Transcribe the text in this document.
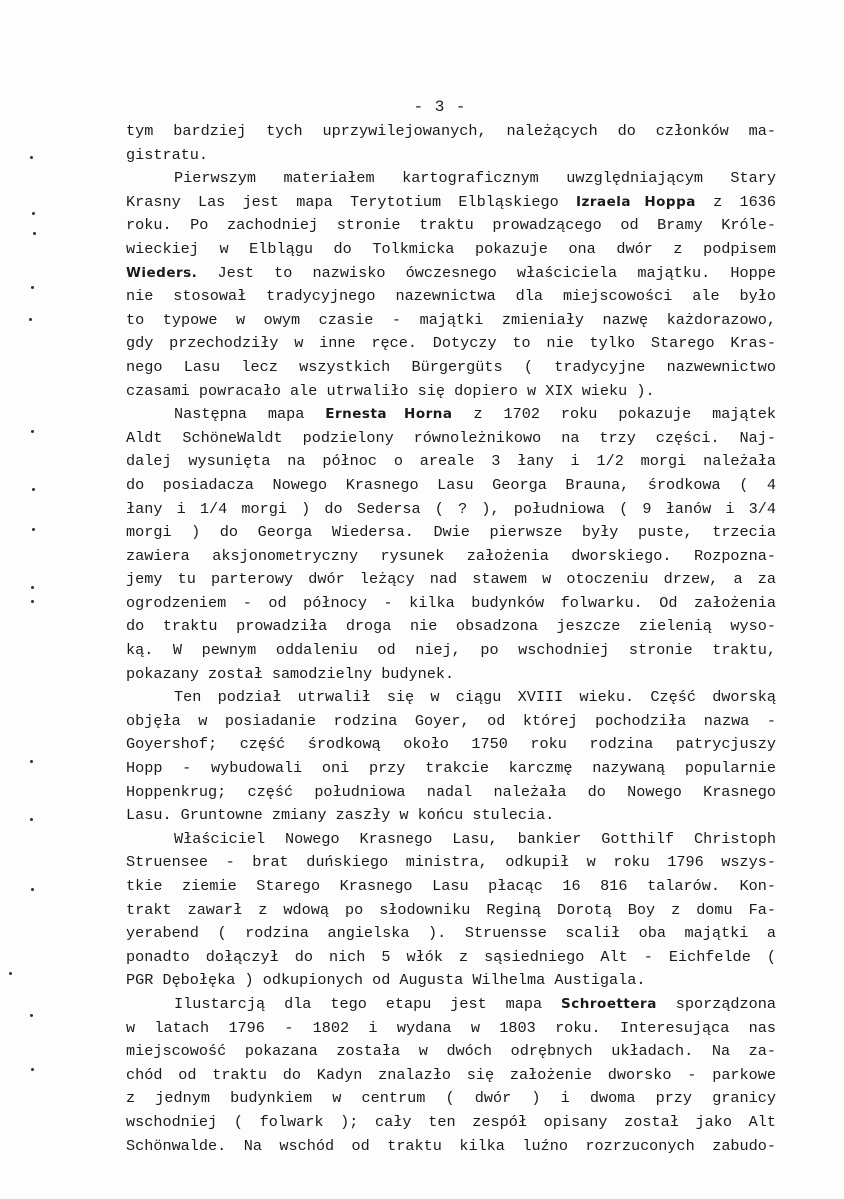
- 3 -
tym bardziej tych uprzywilejowanych, należących do członków ma-
gistratu.
Pierwszym materiałem kartograficznym uwzględniającym Stary
Krasny Las jest mapa Terytotium Elbląskiego Izraela Hoppa z 1636
roku. Po zachodniej stronie traktu prowadzącego od Bramy Króle-
wieckiej w Elblągu do Tolkmicka pokazuje ona dwór z podpisem
Wieders. Jest to nazwisko ówczesnego właściciela majątku. Hoppe
nie stosował tradycyjnego nazewnictwa dla miejscowości ale było
to typowe w owym czasie - majątki zmieniały nazwę każdorazowo,
gdy przechodziły w inne ręce. Dotyczy to nie tylko Starego Kras-
nego Lasu lecz wszystkich Bürgergüts ( tradycyjne nazwewnictwo
czasami powracało ale utrwaliło się dopiero w XIX wieku ).
Następna mapa Ernesta Horna z 1702 roku pokazuje majątek
Aldt SchöneWaldt podzielony równoleżnikowo na trzy części. Naj-
dalej wysunięta na północ o areale 3 łany i 1/2 morgi należała
do posiadacza Nowego Krasnego Lasu Georga Brauna, środkowa ( 4
łany i 1/4 morgi ) do Sedersa ( ? ), południowa ( 9 łanów i 3/4
morgi ) do Georga Wiedersa. Dwie pierwsze były puste, trzecia
zawiera aksjonometryczny rysunek założenia dworskiego. Rozpozna-
jemy tu parterowy dwór leżący nad stawem w otoczeniu drzew, a za
ogrodzeniem - od północy - kilka budynków folwarku. Od założenia
do traktu prowadziła droga nie obsadzona jeszcze zielenią wyso-
ką. W pewnym oddaleniu od niej, po wschodniej stronie traktu,
pokazany został samodzielny budynek.
Ten podział utrwalił się w ciągu XVIII wieku. Część dworską
objęła w posiadanie rodzina Goyer, od której pochodziła nazwa -
Goyershof; część środkową około 1750 roku rodzina patrycjuszy
Hopp - wybudowali oni przy trakcie karczmę nazywaną popularnie
Hoppenkrug; część południowa nadal należała do Nowego Krasnego
Lasu. Gruntowne zmiany zaszły w końcu stulecia.
Właściciel Nowego Krasnego Lasu, bankier Gotthilf Christoph
Struensee - brat duńskiego ministra, odkupił w roku 1796 wszys-
tkie ziemie Starego Krasnego Lasu płacąc 16 816 talarów. Kon-
trakt zawarł z wdową po słodowniku Reginą Dorotą Boy z domu Fa-
yerabend ( rodzina angielska ). Struensse scalił oba majątki a
ponadto dołączył do nich 5 włók z sąsiedniego Alt - Eichfelde (
PGR Dębołęka ) odkupionych od Augusta Wilhelma Austigala.
Ilustarcją dla tego etapu jest mapa Schroettera sporządzona
w latach 1796 - 1802 i wydana w 1803 roku. Interesująca nas
miejscowość pokazana została w dwóch odrębnych układach. Na za-
chód od traktu do Kadyn znalazło się założenie dworsko - parkowe
z jednym budynkiem w centrum ( dwór ) i dwoma przy granicy
wschodniej ( folwark ); cały ten zespół opisany został jako Alt
Schönwalde. Na wschód od traktu kilka luźno rozrzuconych zabudo-
